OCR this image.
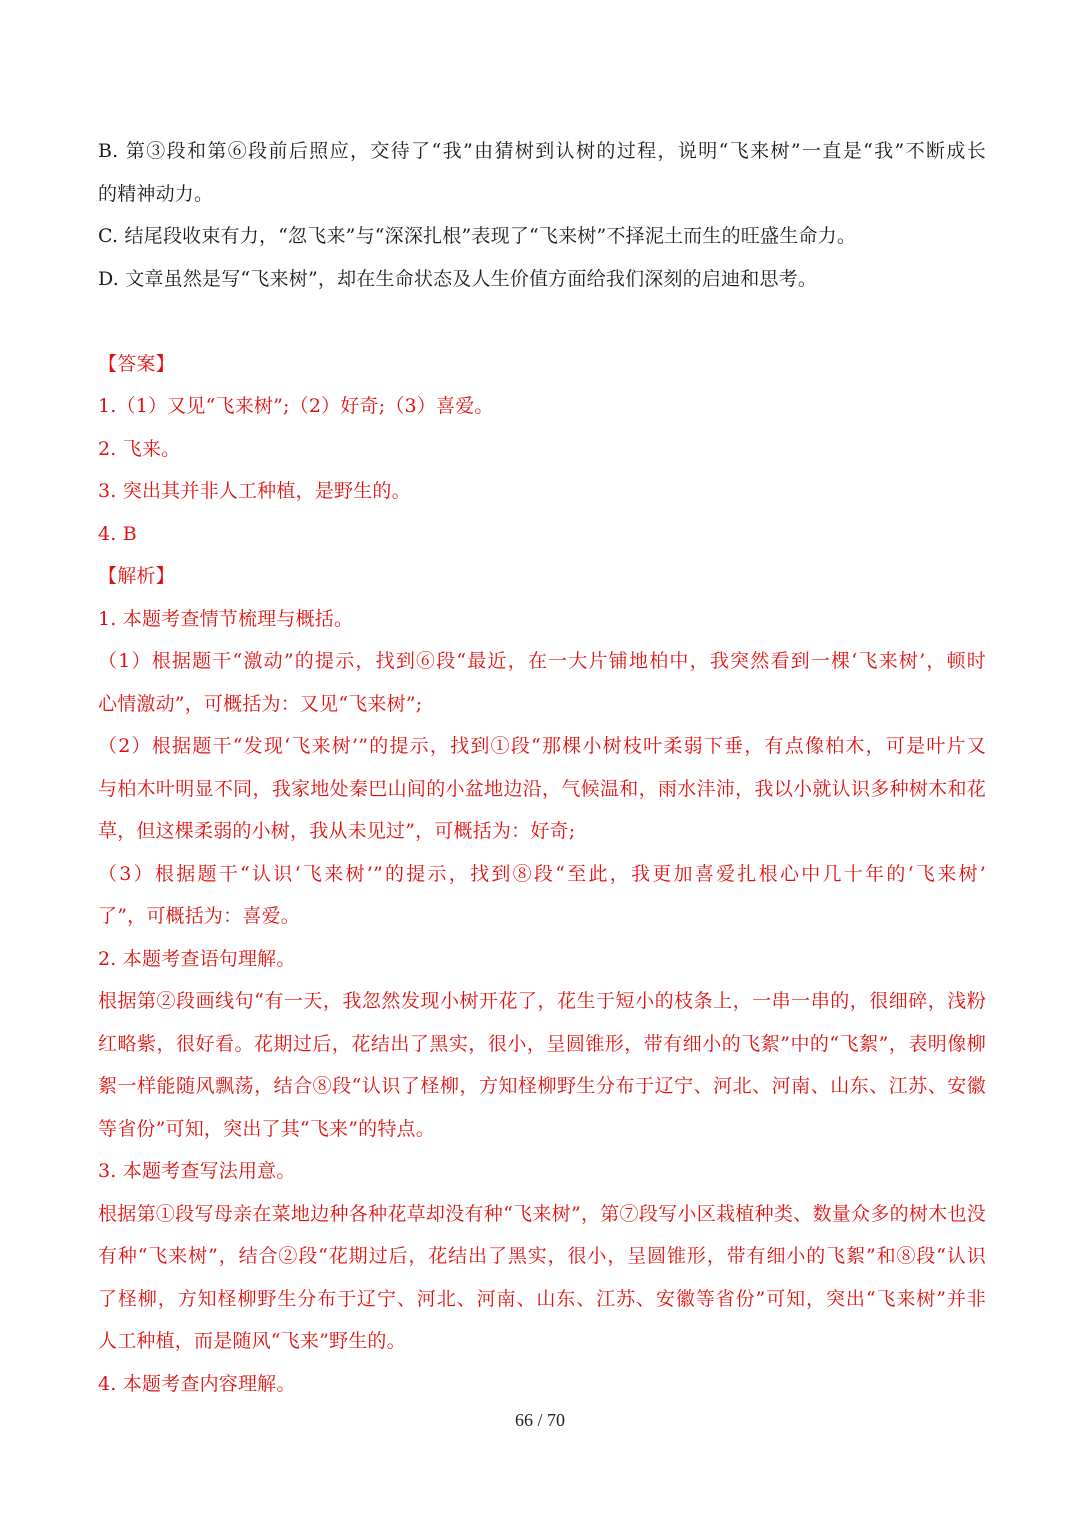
B. 第③段和第⑥段前后照应，交待了“我”由猜树到认树的过程，说明“飞来树”一直是“我”不断成长
的精神动力。
C. 结尾段收束有力，“忽飞来”与“深深扎根”表现了“飞来树”不择泥土而生的旺盛生命力。
D. 文章虽然是写“飞来树”，却在生命状态及人生价值方面给我们深刻的启迪和思考。
【答案】
1.（1）又见“飞来树”;（2）好奇;（3）喜爱。
2. 飞来。
3. 突出其并非人工种植，是野生的。
4. B
【解析】
1. 本题考查情节梳理与概括。
（1）根据题干“激动”的提示，找到⑥段“最近，在一大片铺地柏中，我突然看到一棵‘飞来树’，顿时
心情激动”，可概括为：又见“飞来树”;
（2）根据题干“发现‘飞来树’”的提示，找到①段“那棵小树枝叶柔弱下垂，有点像柏木，可是叶片又
与柏木叶明显不同，我家地处秦巴山间的小盆地边沿，气候温和，雨水沣沛，我以小就认识多种树木和花
草，但这棵柔弱的小树，我从未见过”，可概括为：好奇;
（3）根据题干“认识‘飞来树’”的提示，找到⑧段“至此，我更加喜爱扎根心中几十年的‘飞来树’
了”，可概括为：喜爱。
2. 本题考查语句理解。
根据第②段画线句“有一天，我忽然发现小树开花了，花生于短小的枝条上，一串一串的，很细碎，浅粉
红略紫，很好看。花期过后，花结出了黑实，很小，呈圆锥形，带有细小的飞絮”中的“飞絮”，表明像柳
絮一样能随风飘荡，结合⑧段“认识了柽柳，方知柽柳野生分布于辽宁、河北、河南、山东、江苏、安徽
等省份”可知，突出了其“飞来”的特点。
3. 本题考查写法用意。
根据第①段写母亲在菜地边种各种花草却没有种“飞来树”，第⑦段写小区栽植种类、数量众多的树木也没
有种“飞来树”，结合②段“花期过后，花结出了黑实，很小，呈圆锥形，带有细小的飞絮”和⑧段“认识
了柽柳，方知柽柳野生分布于辽宁、河北、河南、山东、江苏、安徽等省份”可知，突出“飞来树”并非
人工种植，而是随风“飞来”野生的。
4. 本题考查内容理解。
66 / 70
